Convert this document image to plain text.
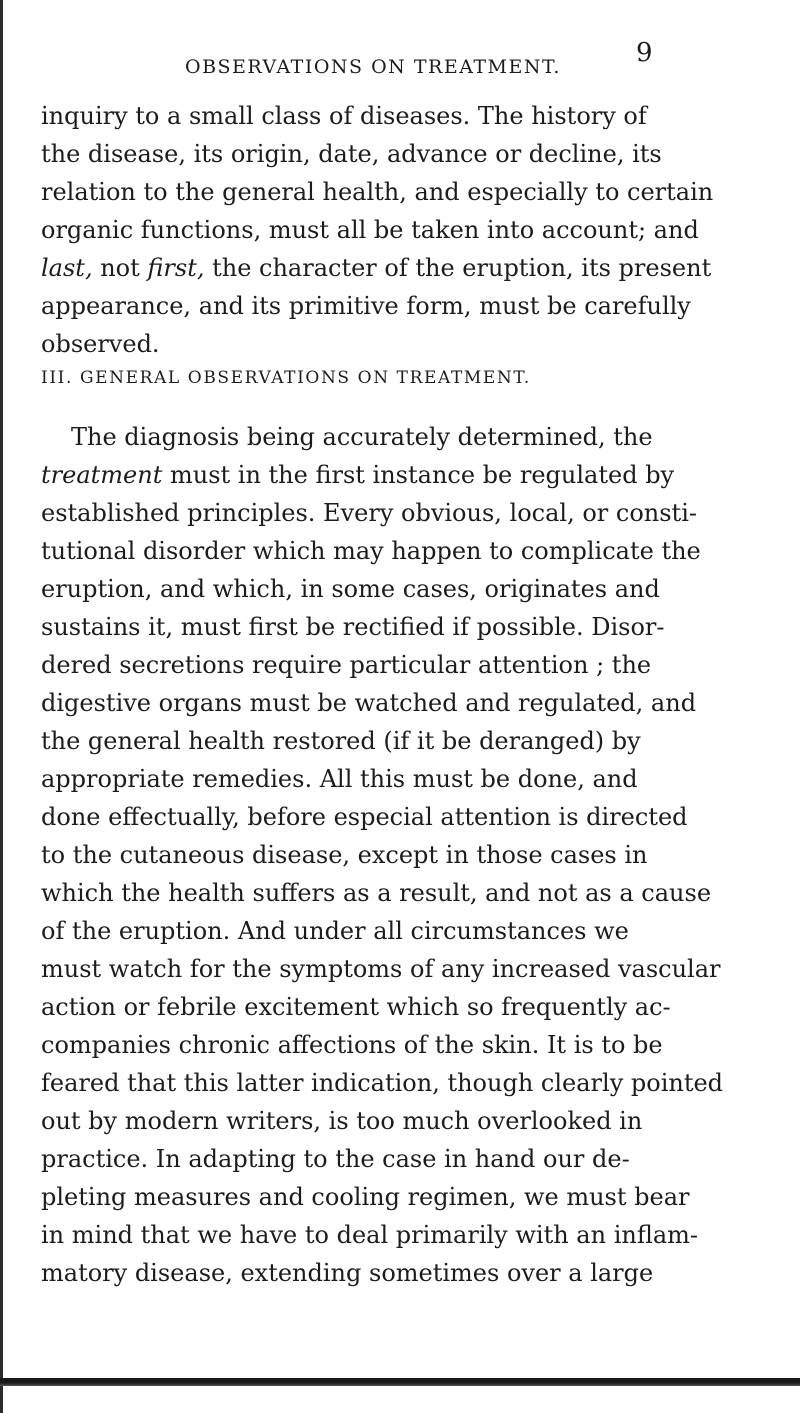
OBSERVATIONS ON TREATMENT.	9
inquiry to a small class of diseases. The history of
the disease, its origin, date, advance or decline, its
relation to the general health, and especially to certain
organic functions, must all be taken into account; and
last, not first, the character of the eruption, its present
appearance, and its primitive form, must be carefully
observed.
III. GENERAL OBSERVATIONS ON TREATMENT.
The diagnosis being accurately determined, the
treatment must in the first instance be regulated by
established principles. Every obvious, local, or consti-
tutional disorder which may happen to complicate the
eruption, and which, in some cases, originates and
sustains it, must first be rectified if possible. Disor-
dered secretions require particular attention ; the
digestive organs must be watched and regulated, and
the general health restored (if it be deranged) by
appropriate remedies. All this must be done, and
done effectually, before especial attention is directed
to the cutaneous disease, except in those cases in
which the health suffers as a result, and not as a cause
of the eruption. And under all circumstances we
must watch for the symptoms of any increased vascular
action or febrile excitement which so frequently ac-
companies chronic affections of the skin. It is to be
feared that this latter indication, though clearly pointed
out by modern writers, is too much overlooked in
practice. In adapting to the case in hand our de-
pleting measures and cooling regimen, we must bear
in mind that we have to deal primarily with an inflam-
matory disease, extending sometimes over a large
